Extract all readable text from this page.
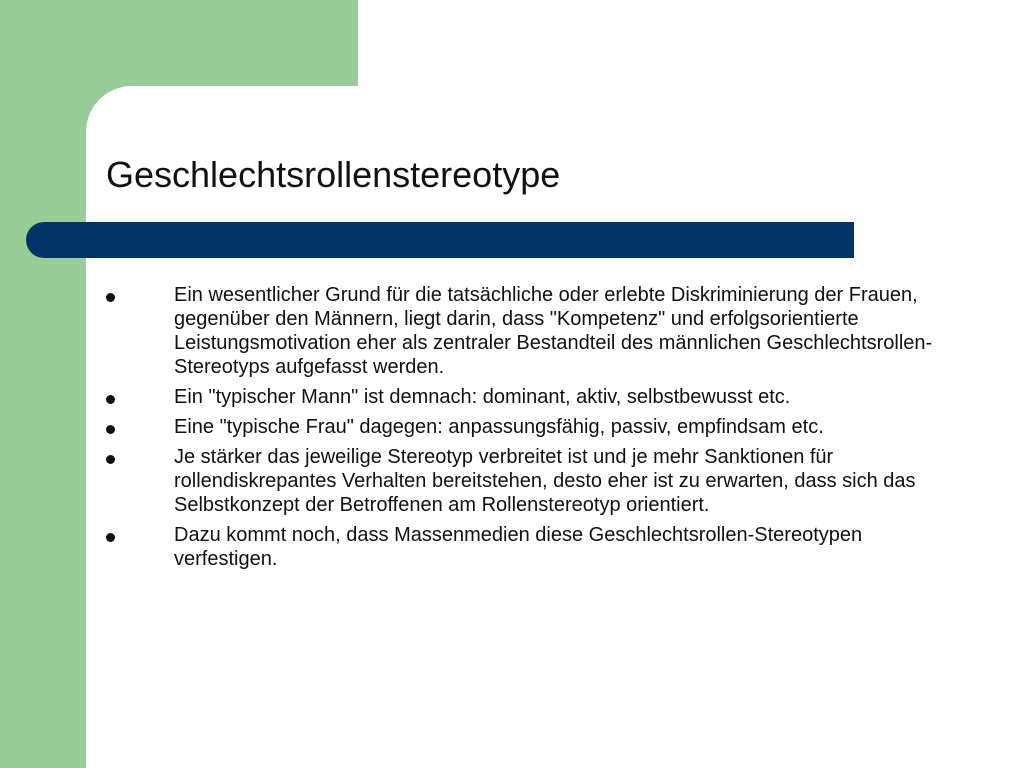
Geschlechtsrollenstereotype
Ein wesentlicher Grund für die tatsächliche oder erlebte Diskriminierung der Frauen, gegenüber den Männern, liegt darin, dass "Kompetenz" und erfolgsorientierte Leistungsmotivation eher als zentraler Bestandteil des männlichen Geschlechtsrollen-Stereotyps aufgefasst werden.
Ein "typischer Mann" ist demnach: dominant, aktiv, selbstbewusst etc.
Eine "typische Frau" dagegen: anpassungsfähig, passiv, empfindsam etc.
Je stärker das jeweilige Stereotyp verbreitet ist und je mehr Sanktionen für rollendiskrepantes Verhalten bereitstehen, desto eher ist zu erwarten, dass sich das Selbstkonzept der Betroffenen am Rollenstereotyp orientiert.
Dazu kommt noch, dass Massenmedien diese Geschlechtsrollen-Stereotypen verfestigen.
